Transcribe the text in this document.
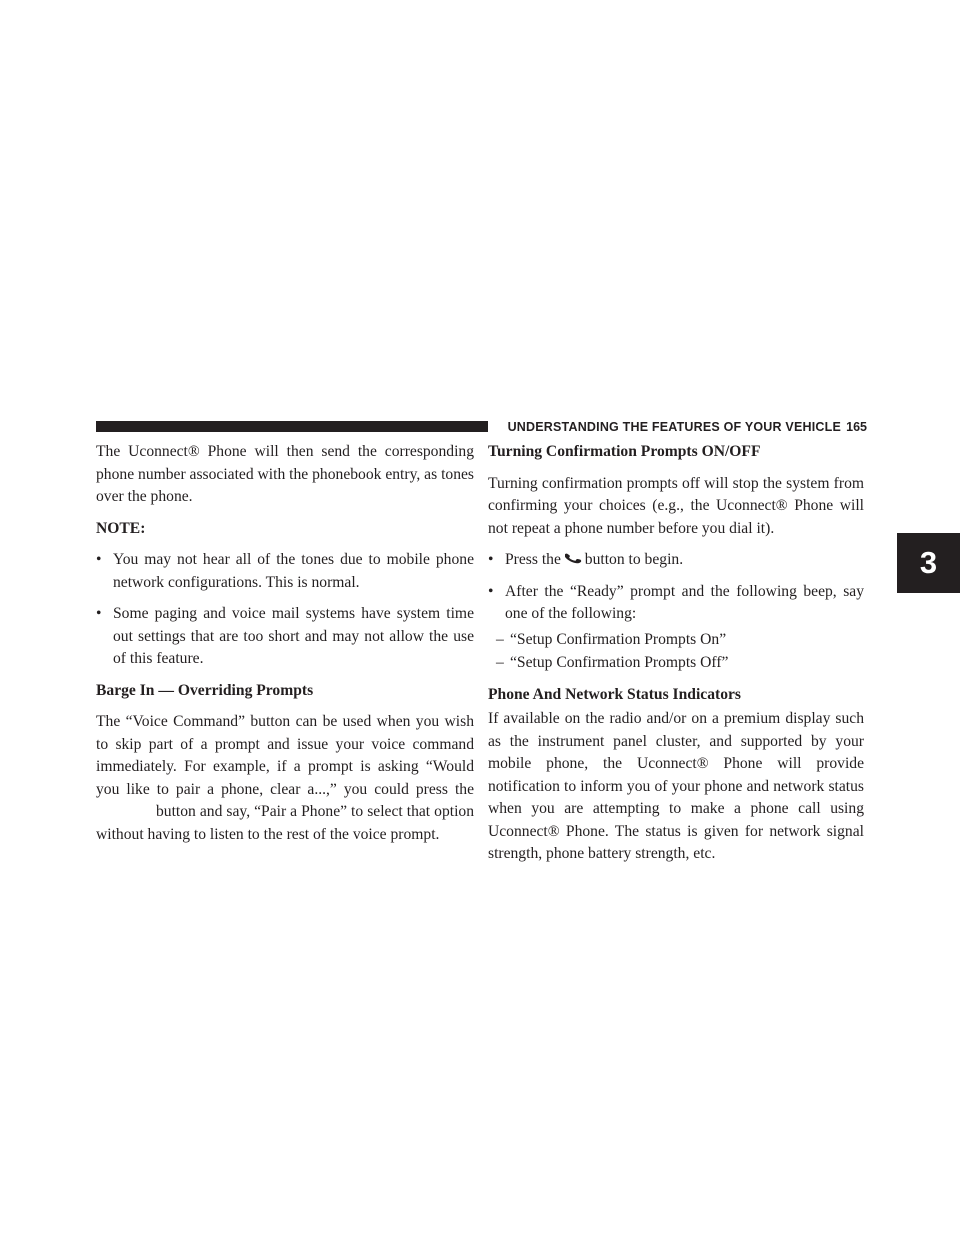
UNDERSTANDING THE FEATURES OF YOUR VEHICLE 165
3

The Uconnect® Phone will then send the corresponding phone number associated with the phonebook entry, as tones over the phone.

NOTE:

• You may not hear all of the tones due to mobile phone network configurations. This is normal.

• Some paging and voice mail systems have system time out settings that are too short and may not allow the use of this feature.

Barge In — Overriding Prompts

The “Voice Command” button can be used when you wish to skip part of a prompt and issue your voice command immediately. For example, if a prompt is asking “Would you like to pair a phone, clear a...,” you could press thebutton and say, “Pair a Phone” to select that option without having to listen to the rest of the voice prompt.

Turning Confirmation Prompts ON/OFF

Turning confirmation prompts off will stop the system from confirming your choices (e.g., the Uconnect® Phone will not repeat a phone number before you dial it).

• Press the button to begin.

• After the “Ready” prompt and the following beep, say one of the following:

– “Setup Confirmation Prompts On”

– “Setup Confirmation Prompts Off”

Phone And Network Status Indicators

If available on the radio and/or on a premium display such as the instrument panel cluster, and supported by your mobile phone, the Uconnect® Phone will provide notification to inform you of your phone and network status when you are attempting to make a phone call using Uconnect® Phone. The status is given for network signal strength, phone battery strength, etc.
